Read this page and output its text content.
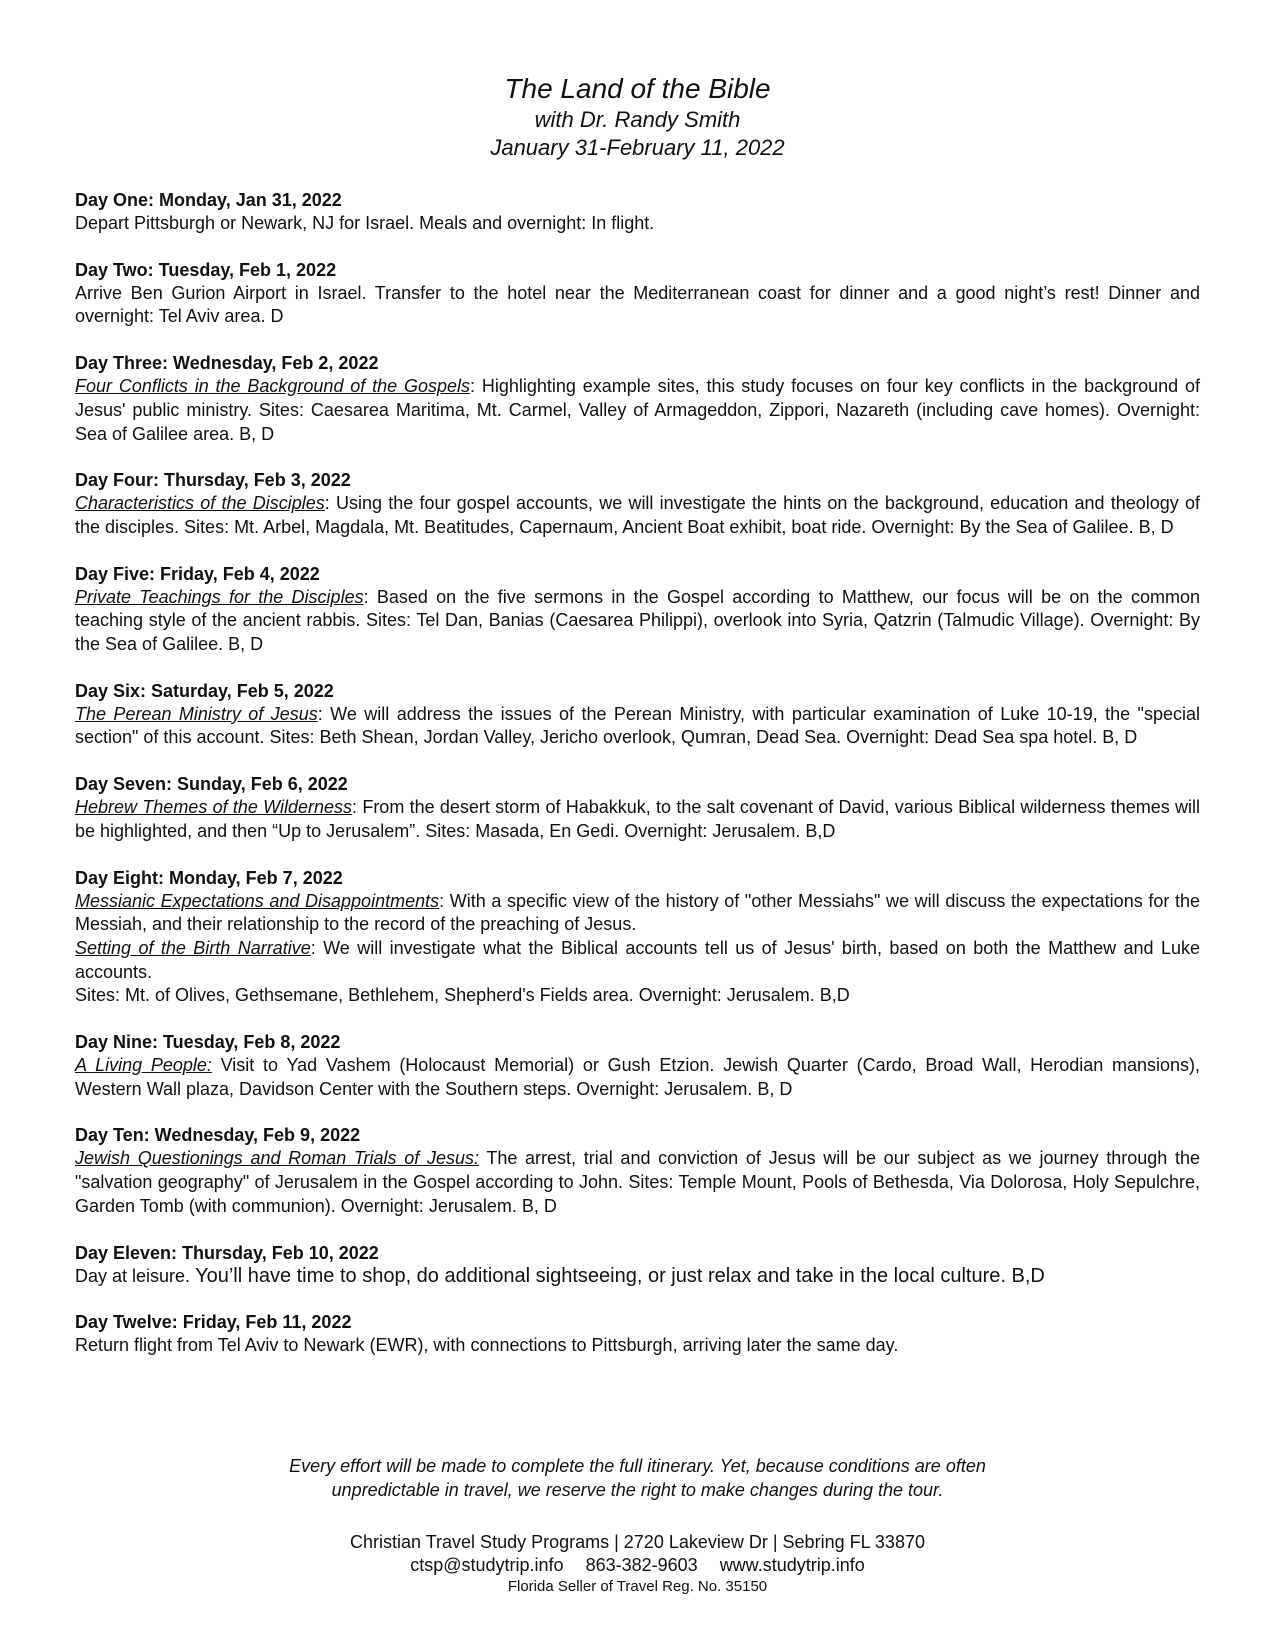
The Land of the Bible
with Dr. Randy Smith
January 31-February 11, 2022
Day One: Monday, Jan 31, 2022
Depart Pittsburgh or Newark, NJ for Israel. Meals and overnight: In flight.
Day Two: Tuesday, Feb 1, 2022
Arrive Ben Gurion Airport in Israel. Transfer to the hotel near the Mediterranean coast for dinner and a good night’s rest! Dinner and overnight: Tel Aviv area. D
Day Three: Wednesday, Feb 2, 2022
Four Conflicts in the Background of the Gospels: Highlighting example sites, this study focuses on four key conflicts in the background of Jesus' public ministry. Sites: Caesarea Maritima, Mt. Carmel, Valley of Armageddon, Zippori, Nazareth (including cave homes). Overnight: Sea of Galilee area. B, D
Day Four: Thursday, Feb 3, 2022
Characteristics of the Disciples: Using the four gospel accounts, we will investigate the hints on the background, education and theology of the disciples. Sites: Mt. Arbel, Magdala, Mt. Beatitudes, Capernaum, Ancient Boat exhibit, boat ride. Overnight: By the Sea of Galilee. B, D
Day Five: Friday, Feb 4, 2022
Private Teachings for the Disciples: Based on the five sermons in the Gospel according to Matthew, our focus will be on the common teaching style of the ancient rabbis. Sites: Tel Dan, Banias (Caesarea Philippi), overlook into Syria, Qatzrin (Talmudic Village). Overnight: By the Sea of Galilee. B, D
Day Six: Saturday, Feb 5, 2022
The Perean Ministry of Jesus: We will address the issues of the Perean Ministry, with particular examination of Luke 10-19, the "special section" of this account. Sites: Beth Shean, Jordan Valley, Jericho overlook, Qumran, Dead Sea. Overnight: Dead Sea spa hotel. B, D
Day Seven: Sunday, Feb 6, 2022
Hebrew Themes of the Wilderness: From the desert storm of Habakkuk, to the salt covenant of David, various Biblical wilderness themes will be highlighted, and then “Up to Jerusalem”. Sites: Masada, En Gedi. Overnight: Jerusalem. B,D
Day Eight: Monday, Feb 7, 2022
Messianic Expectations and Disappointments: With a specific view of the history of "other Messiahs" we will discuss the expectations for the Messiah, and their relationship to the record of the preaching of Jesus.
Setting of the Birth Narrative: We will investigate what the Biblical accounts tell us of Jesus' birth, based on both the Matthew and Luke accounts.
Sites: Mt. of Olives, Gethsemane, Bethlehem, Shepherd's Fields area. Overnight: Jerusalem. B,D
Day Nine: Tuesday, Feb 8, 2022
A Living People: Visit to Yad Vashem (Holocaust Memorial) or Gush Etzion. Jewish Quarter (Cardo, Broad Wall, Herodian mansions), Western Wall plaza, Davidson Center with the Southern steps. Overnight: Jerusalem. B, D
Day Ten: Wednesday, Feb 9, 2022
Jewish Questionings and Roman Trials of Jesus: The arrest, trial and conviction of Jesus will be our subject as we journey through the "salvation geography" of Jerusalem in the Gospel according to John. Sites: Temple Mount, Pools of Bethesda, Via Dolorosa, Holy Sepulchre, Garden Tomb (with communion). Overnight: Jerusalem. B, D
Day Eleven: Thursday, Feb 10, 2022
Day at leisure. You’ll have time to shop, do additional sightseeing, or just relax and take in the local culture. B,D
Day Twelve: Friday, Feb 11, 2022
Return flight from Tel Aviv to Newark (EWR), with connections to Pittsburgh, arriving later the same day.
Every effort will be made to complete the full itinerary. Yet, because conditions are often
unpredictable in travel, we reserve the right to make changes during the tour.
Christian Travel Study Programs | 2720 Lakeview Dr | Sebring FL 33870
ctsp@studytrip.info 863-382-9603 www.studytrip.info
Florida Seller of Travel Reg. No. 35150
